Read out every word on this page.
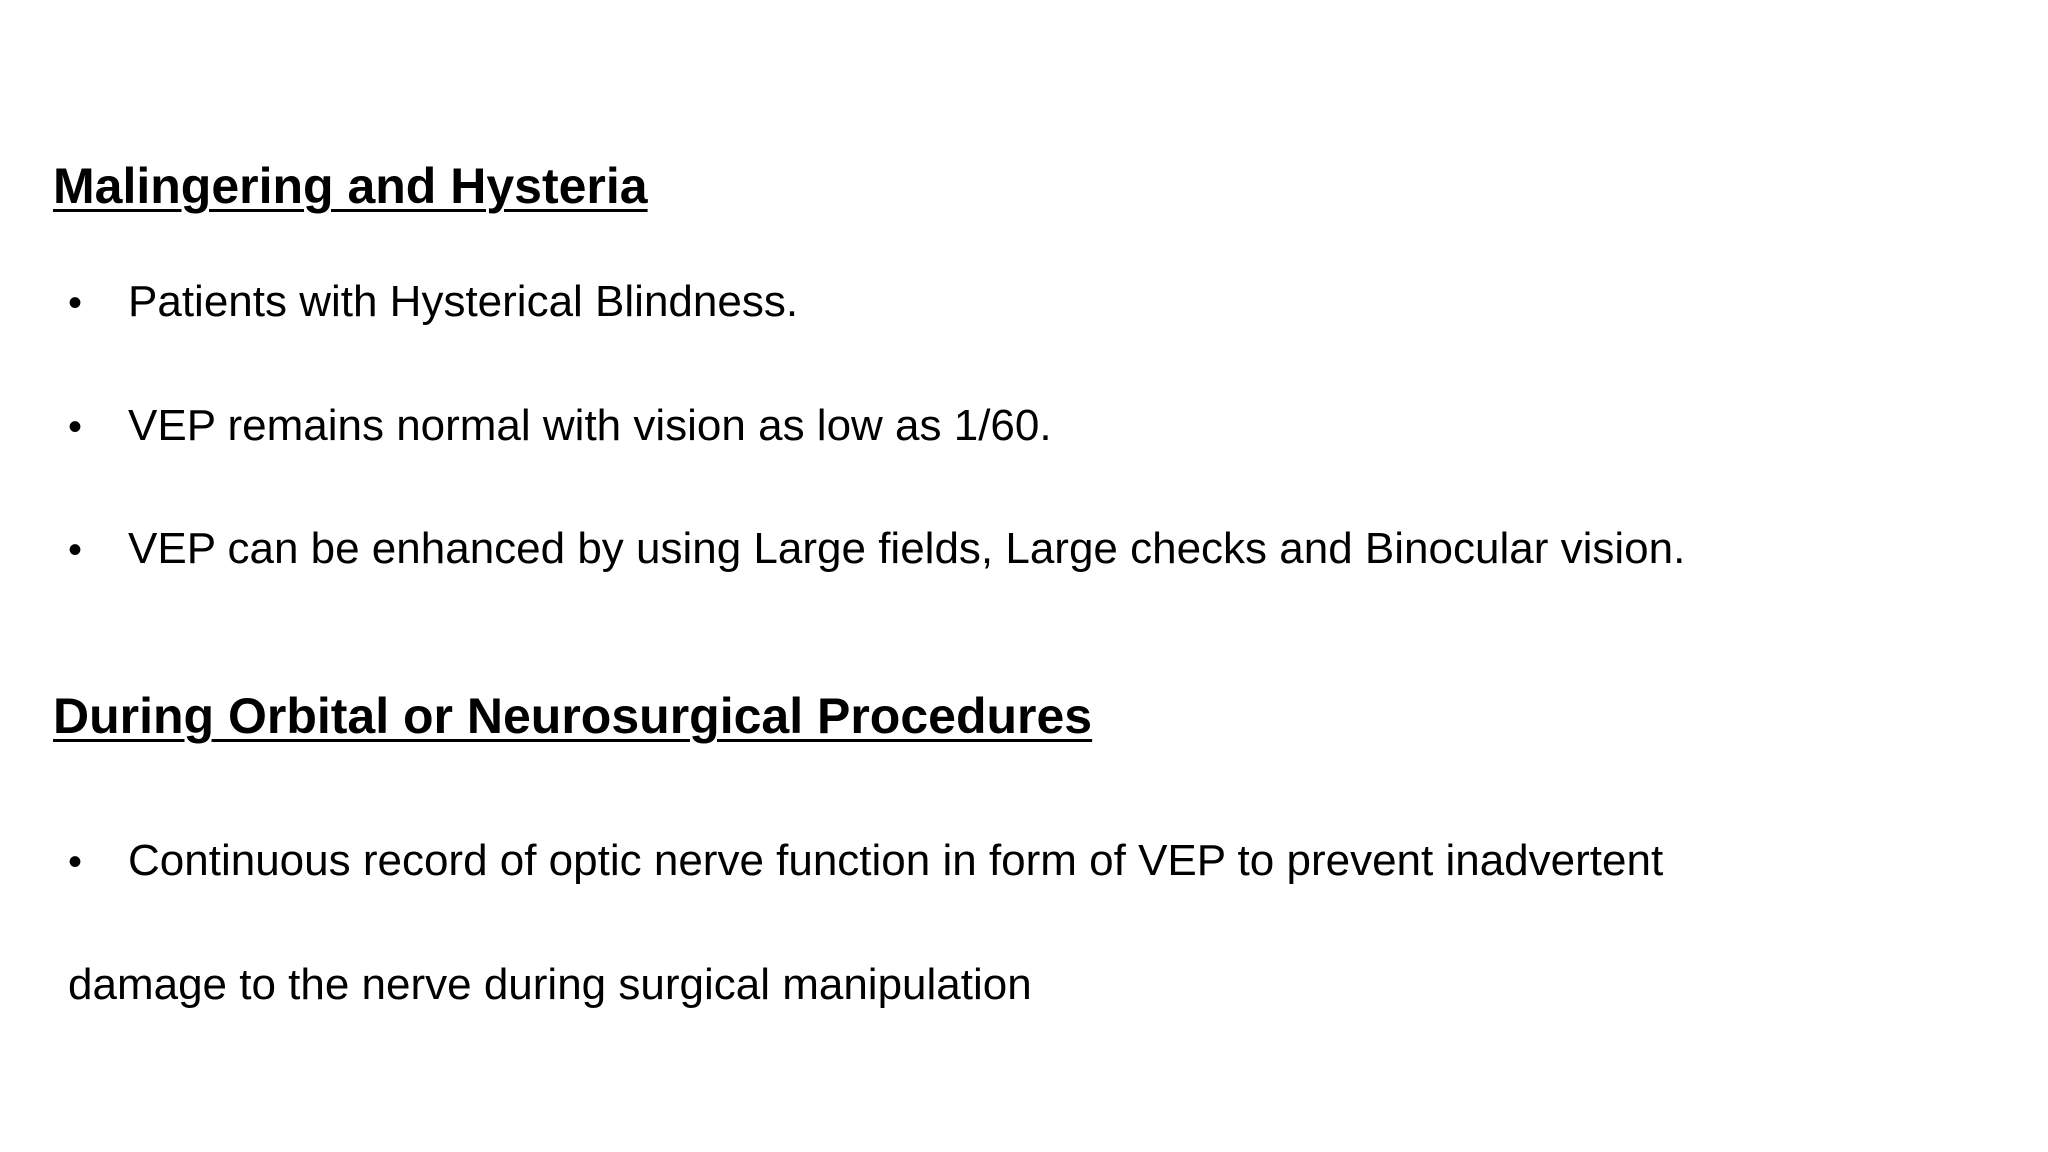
Malingering and Hysteria
• Patients with Hysterical Blindness.
• VEP remains normal with vision as low as 1/60.
• VEP can be enhanced by using Large fields, Large checks and Binocular vision.
During Orbital or Neurosurgical Procedures
• Continuous record of optic nerve function in form of VEP to prevent inadvertent
damage to the nerve during surgical manipulation
